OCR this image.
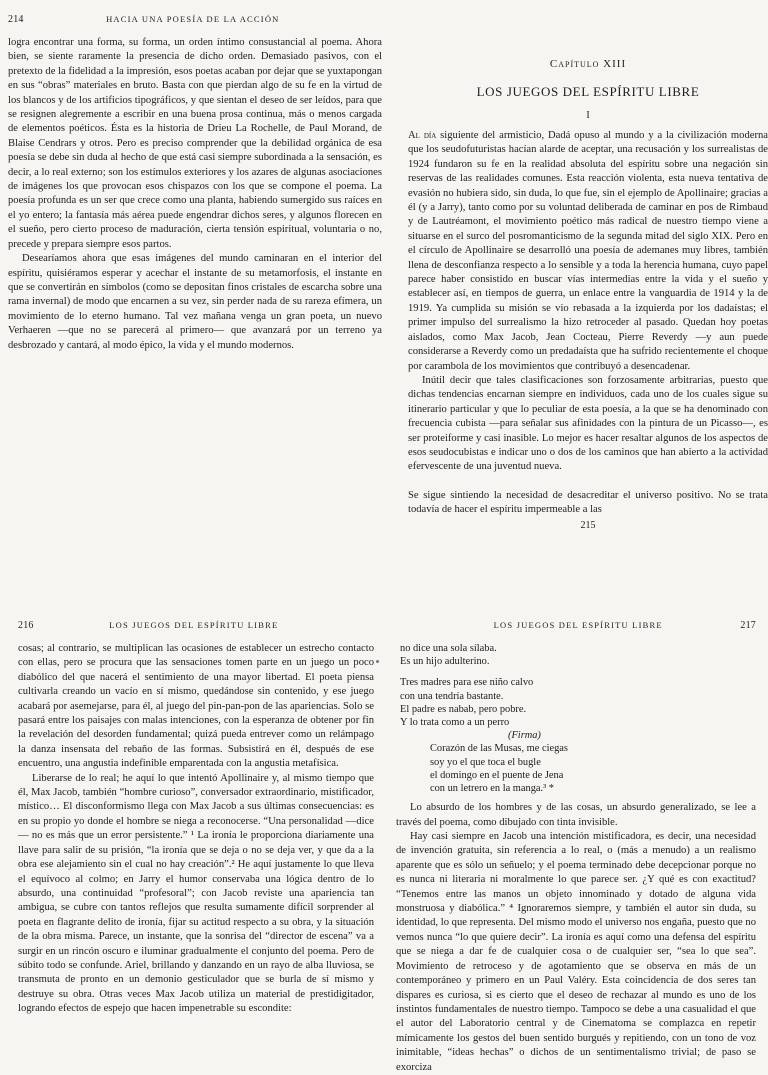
214	HACIA UNA POESÍA DE LA ACCIÓN

logra encontrar una forma, su forma, un orden íntimo consustancial al poema. Ahora bien, se siente raramente la presencia de dicho orden. Demasiado pasivos, con el pretexto de la fidelidad a la impresión, esos poetas acaban por dejar que se yuxtapongan en sus “obras” materiales en bruto. Basta con que pierdan algo de su fe en la virtud de los blancos y de los artificios tipográficos, y que sientan el deseo de ser leídos, para que se resignen alegremente a escribir en una buena prosa continua, más o menos cargada de elementos poéticos. Ésta es la historia de Drieu La Rochelle, de Paul Morand, de Blaise Cendrars y otros. Pero es preciso comprender que la debilidad orgánica de esa poesía se debe sin duda al hecho de que está casi siempre subordinada a la sensación, es decir, a lo real externo; son los estímulos exteriores y los azares de algunas asociaciones de imágenes los que provocan esos chispazos con los que se compone el poema. La poesía profunda es un ser que crece como una planta, habiendo sumergido sus raíces en el yo entero; la fantasía más aérea puede engendrar dichos seres, y algunos florecen en el sueño, pero cierto proceso de maduración, cierta tensión espiritual, voluntaria o no, precede y prepara siempre esos partos.

Desearíamos ahora que esas imágenes del mundo caminaran en el interior del espíritu, quisiéramos esperar y acechar el instante de su metamorfosis, el instante en que se convertirán en símbolos (como se depositan finos cristales de escarcha sobre una rama invernal) de modo que encarnen a su vez, sin perder nada de su rareza efímera, un movimiento de lo eterno humano. Tal vez mañana venga un gran poeta, un nuevo Verhaeren —que no se parecerá al primero— que avanzará por un terreno ya desbrozado y cantará, al modo épico, la vida y el mundo modernos.

Capítulo XIII
LOS JUEGOS DEL ESPÍRITU LIBRE
I

Al día siguiente del armisticio, Dadá opuso al mundo y a la civilización moderna que los seudofuturistas hacían alarde de aceptar, una recusación y los surrealistas de 1924 fundaron su fe en la realidad absoluta del espíritu sobre una negación sin reservas de las realidades comunes. Esta reacción violenta, esta nueva tentativa de evasión no hubiera sido, sin duda, lo que fue, sin el ejemplo de Apollinaire; gracias a él (y a Jarry), tanto como por su voluntad deliberada de caminar en pos de Rimbaud y de Lautréamont, el movimiento poético más radical de nuestro tiempo viene a situarse en el surco del posromanticismo de la segunda mitad del siglo XIX. Pero en el círculo de Apollinaire se desarrolló una poesía de ademanes muy libres, también llena de desconfianza respecto a lo sensible y a toda la herencia humana, cuyo papel parece haber consistido en buscar vías intermedias entre la vida y el sueño y establecer así, en tiempos de guerra, un enlace entre la vanguardia de 1914 y la de 1919. Ya cumplida su misión se vio rebasada a la izquierda por los dadaístas; el primer impulso del surrealismo la hizo retroceder al pasado. Quedan hoy poetas aislados, como Max Jacob, Jean Cocteau, Pierre Reverdy —y aun puede considerarse a Reverdy como un predadaísta que ha sufrido recientemente el choque por carambola de los movimientos que contribuyó a desencadenar.

Inútil decir que tales clasificaciones son forzosamente arbitrarias, puesto que dichas tendencias encarnan siempre en individuos, cada uno de los cuales sigue su itinerario particular y que lo peculiar de esta poesía, a la que se ha denominado con frecuencia cubista —para señalar sus afinidades con la pintura de un Picasso—, es ser proteiforme y casi inasible. Lo mejor es hacer resaltar algunos de los aspectos de esos seudocubistas e indicar uno o dos de los caminos que han abierto a la actividad efervescente de una juventud nueva.

Se sigue sintiendo la necesidad de desacreditar el universo positivo. No se trata todavía de hacer el espíritu impermeable a las

215
216	LOS JUEGOS DEL ESPÍRITU LIBRE

cosas; al contrario, se multiplican las ocasiones de establecer un estrecho contacto con ellas, pero se procura que las sensaciones tomen parte en un juego un poco diabólico del que nacerá el sentimiento de una mayor libertad. El poeta piensa cultivarla creando un vacío en sí mismo, quedándose sin contenido, y ese juego acabará por asemejarse, para él, al juego del pin-pan-pon de las apariencias. Solo se pasará entre los paisajes con malas intenciones, con la esperanza de obtener por fin la revelación del desorden fundamental; quizá pueda entrever como un relámpago la danza insensata del rebaño de las formas. Subsistirá en él, después de ese encuentro, una angustia indefinible emparentada con la angustia metafísica.

Liberarse de lo real; he aquí lo que intentó Apollinaire y, al mismo tiempo que él, Max Jacob, también “hombre curioso”, conversador extraordinario, mistificador, místico… El disconformismo llega con Max Jacob a sus últimas consecuencias: es en su propio yo donde el hombre se niega a reconocerse. “Una personalidad —dice— no es más que un error persistente.” ¹ La ironía le proporciona diariamente una llave para salir de su prisión, “la ironía que se deja o no se deja ver, y que da a la obra ese alejamiento sin el cual no hay creación”.² He aquí justamente lo que lleva el equívoco al colmo; en Jarry el humor conservaba una lógica dentro de lo absurdo, una continuidad “profesoral”; con Jacob reviste una apariencia tan ambigua, se cubre con tantos reflejos que resulta sumamente difícil sorprender al poeta en flagrante delito de ironía, fijar su actitud respecto a su obra, y la situación de la obra misma. Parece, un instante, que la sonrisa del “director de escena” va a surgir en un rincón oscuro e iluminar gradualmente el conjunto del poema. Pero de súbito todo se confunde. Ariel, brillando y danzando en un rayo de alba lluviosa, se transmuta de pronto en un demonio gesticulador que se burla de sí mismo y destruye su obra. Otras veces Max Jacob utiliza un material de prestidigitador, logrando efectos de espejo que hacen impenetrable su escondite:

LOS JUEGOS DEL ESPÍRITU LIBRE	217
no dice una sola sílaba.
Es un hijo adulterino.
Tres madres para ese niño calvo
con una tendría bastante.
El padre es nabab, pero pobre.
Y lo trata como a un perro
(Firma)
Corazón de las Musas, me ciegas
soy yo el que toca el bugle
el domingo en el puente de Jena
con un letrero en la manga.³ *

Lo absurdo de los hombres y de las cosas, un absurdo generalizado, se lee a través del poema, como dibujado con tinta invisible.

Hay casi siempre en Jacob una intención mistificadora, es decir, una necesidad de invención gratuita, sin referencia a lo real, o (más a menudo) a un realismo aparente que es sólo un señuelo; y el poema terminado debe decepcionar porque no es nunca ni literaria ni moralmente lo que parece ser. ¿Y qué es con exactitud? “Tenemos entre las manos un objeto innominado y dotado de alguna vida monstruosa y diabólica.” ⁴ Ignoraremos siempre, y también el autor sin duda, su identidad, lo que representa. Del mismo modo el universo nos engaña, puesto que no vemos nunca “lo que quiere decir”. La ironía es aquí como una defensa del espíritu que se niega a dar fe de cualquier cosa o de cualquier ser, “sea lo que sea”. Movimiento de retroceso y de agotamiento que se observa en más de un contemporáneo y primero en un Paul Valéry. Esta coincidencia de dos seres tan dispares es curiosa, si es cierto que el deseo de rechazar al mundo es uno de los instintos fundamentales de nuestro tiempo. Tampoco se debe a una casualidad el que el autor del Laboratorio central y de Cinematoma se complazca en repetir mímicamente los gestos del buen sentido burgués y repitiendo, con un tono de voz inimitable, “ideas hechas” o dichos de un sentimentalismo trivial; de paso se exorciza
